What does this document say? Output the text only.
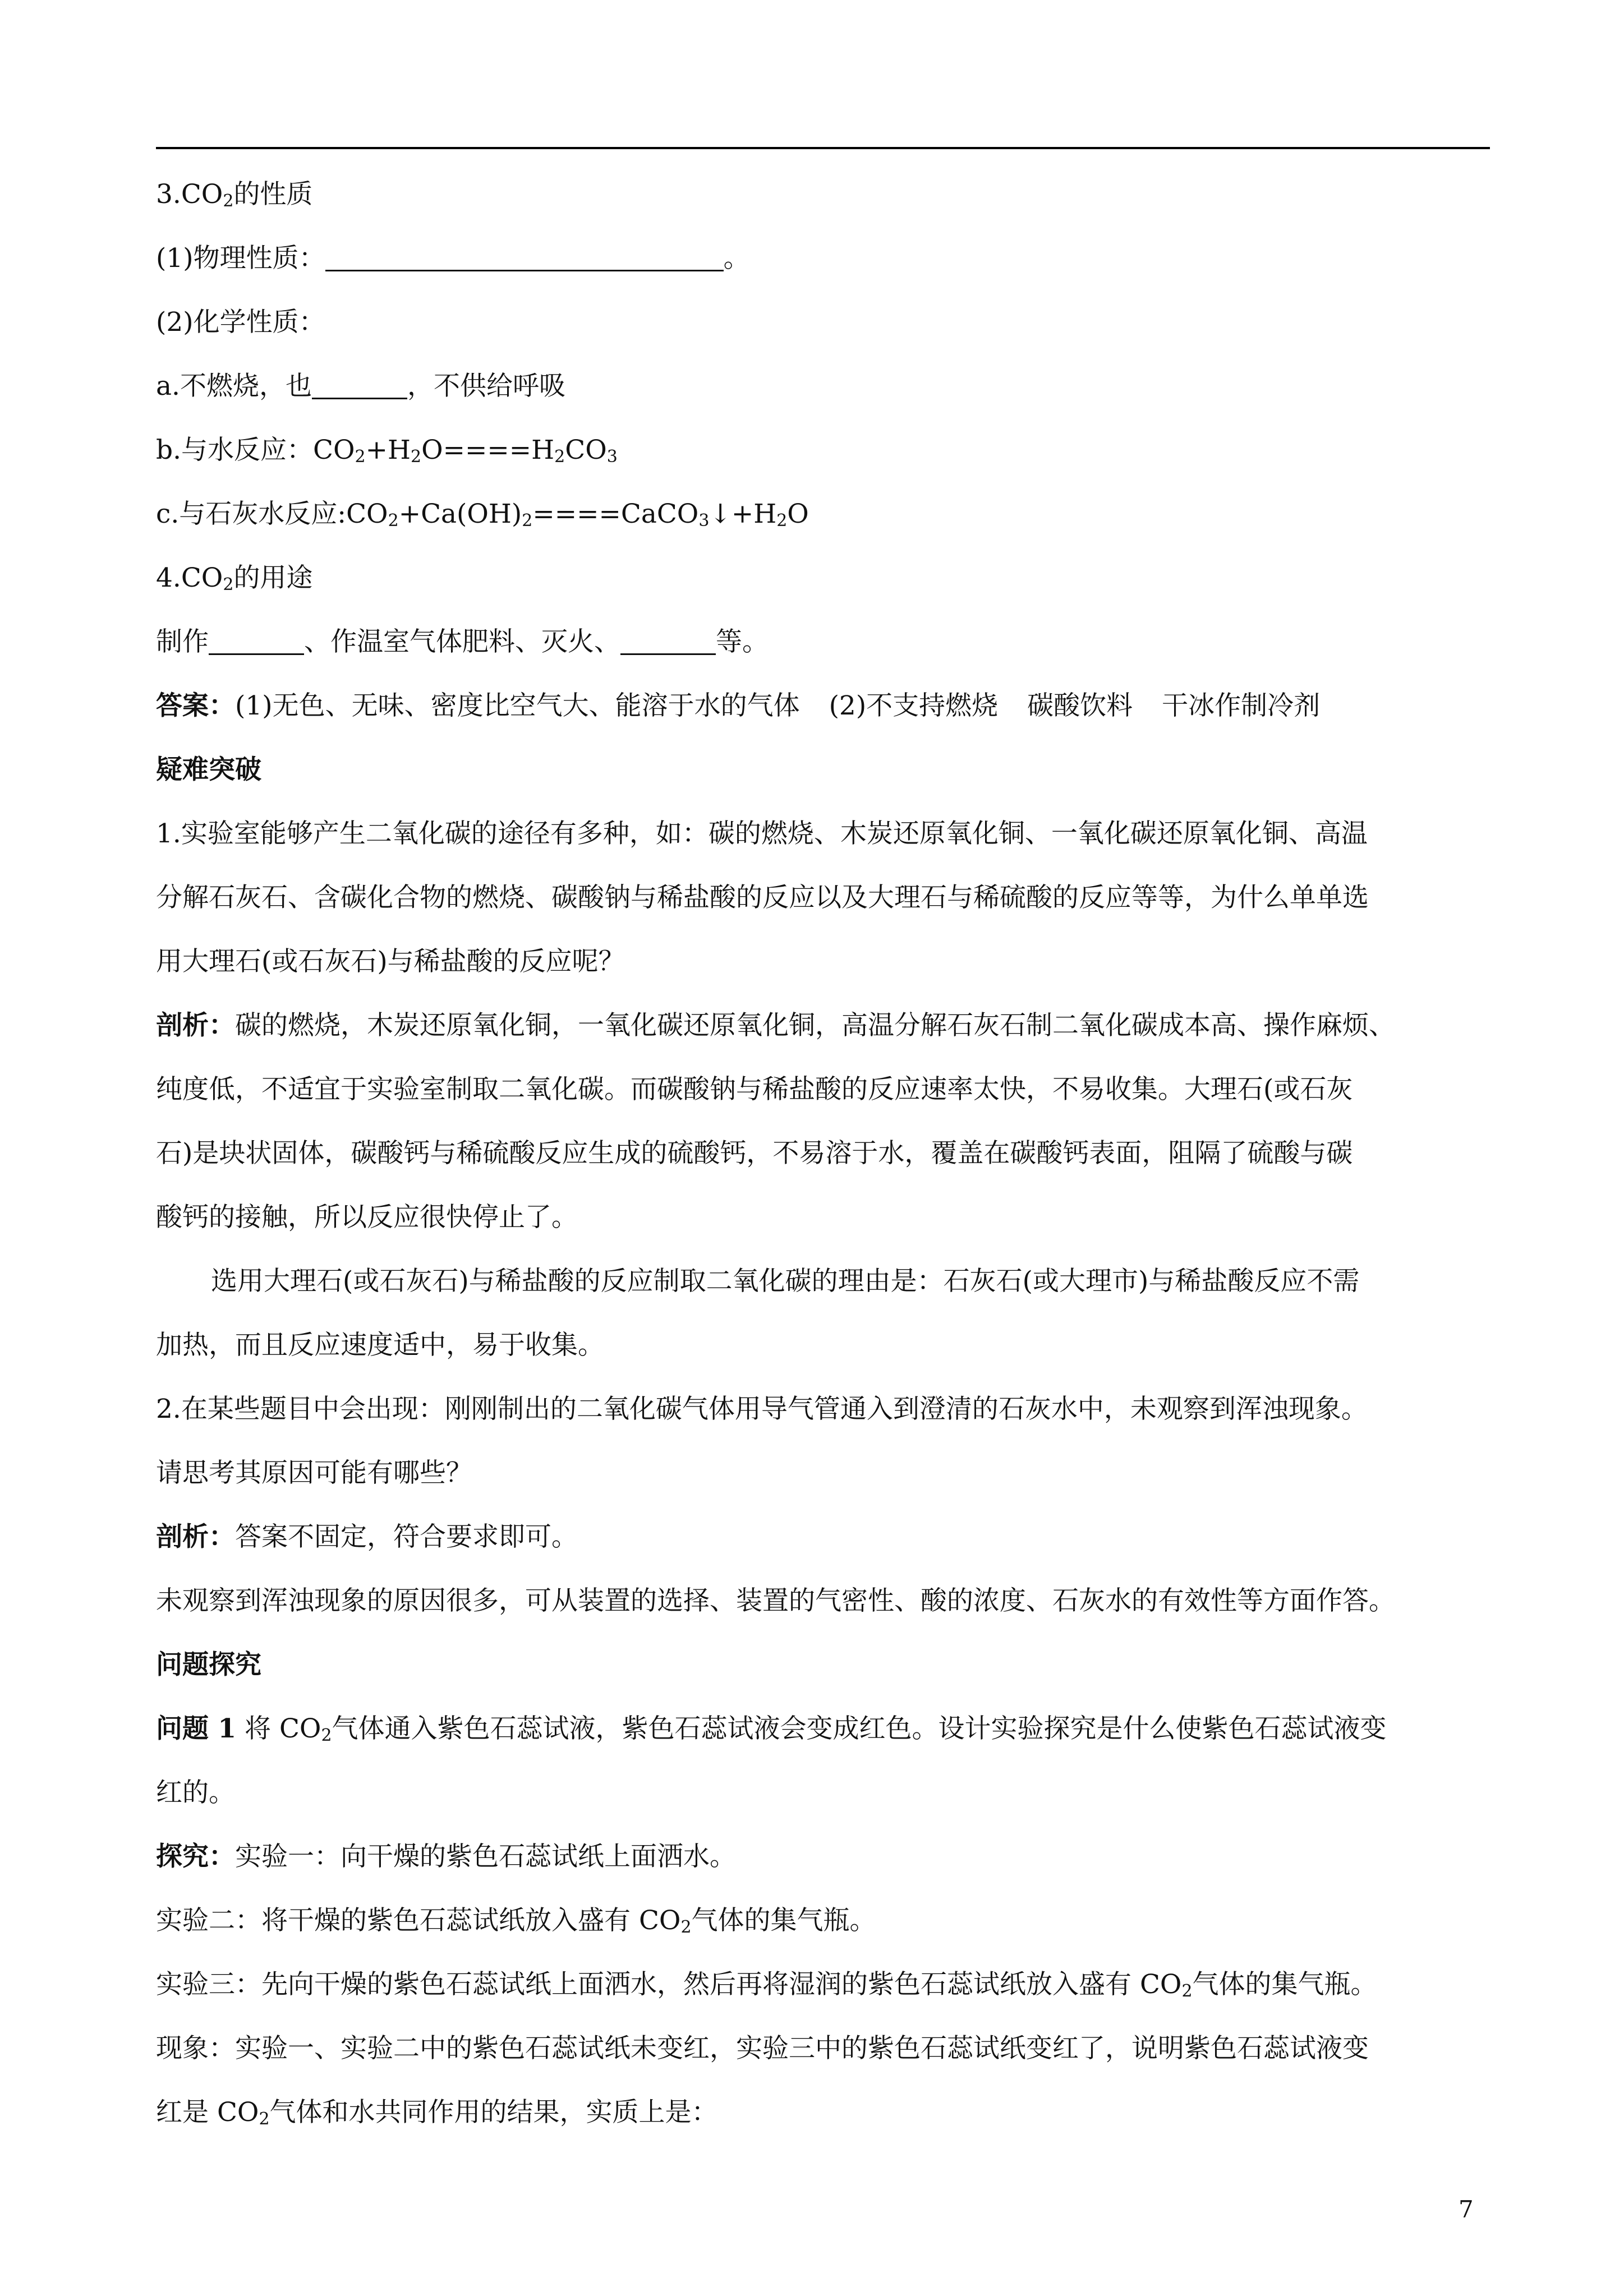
$3.CO_2$的性质
(1)物理性质：	。
(2)化学性质：
a.不燃烧，也	，不供给呼吸
b.与水反应：$CO_2+H_2O====H_2CO_3$
c.与石灰水反应$:CO_2+Ca(OH)_2====CaCO_3↓+H_2O$
$4.CO_2$的用途
制作	、作温室气体肥料、灭火、	等。
答案：(1)无色、无味、密度比空气大、能溶于水的气体 (2)不支持燃烧 碳酸饮料 干冰作制冷剂
疑难突破
1.实验室能够产生二氧化碳的途径有多种，如：碳的燃烧、木炭还原氧化铜、一氧化碳还原氧化铜、高温
分解石灰石、含碳化合物的燃烧、碳酸钠与稀盐酸的反应以及大理石与稀硫酸的反应等等，为什么单单选
用大理石(或石灰石)与稀盐酸的反应呢？
剖析：碳的燃烧，木炭还原氧化铜，一氧化碳还原氧化铜，高温分解石灰石制二氧化碳成本高、操作麻烦、
纯度低，不适宜于实验室制取二氧化碳。而碳酸钠与稀盐酸的反应速率太快，不易收集。大理石(或石灰
石)是块状固体，碳酸钙与稀硫酸反应生成的硫酸钙，不易溶于水，覆盖在碳酸钙表面，阻隔了硫酸与碳
酸钙的接触，所以反应很快停止了。
选用大理石(或石灰石)与稀盐酸的反应制取二氧化碳的理由是：石灰石(或大理市)与稀盐酸反应不需
加热，而且反应速度适中，易于收集。
2.在某些题目中会出现：刚刚制出的二氧化碳气体用导气管通入到澄清的石灰水中，未观察到浑浊现象。
请思考其原因可能有哪些？
剖析：答案不固定，符合要求即可。
未观察到浑浊现象的原因很多，可从装置的选择、装置的气密性、酸的浓度、石灰水的有效性等方面作答。
问题探究
问题 1 将 $CO_2$气体通入紫色石蕊试液，紫色石蕊试液会变成红色。设计实验探究是什么使紫色石蕊试液变
红的。
探究：实验一：向干燥的紫色石蕊试纸上面洒水。
实验二：将干燥的紫色石蕊试纸放入盛有 $CO_2$气体的集气瓶。
实验三：先向干燥的紫色石蕊试纸上面洒水，然后再将湿润的紫色石蕊试纸放入盛有 $CO_2$气体的集气瓶。
现象：实验一、实验二中的紫色石蕊试纸未变红，实验三中的紫色石蕊试纸变红了，说明紫色石蕊试液变
红是 $CO_2$气体和水共同作用的结果，实质上是：
7
